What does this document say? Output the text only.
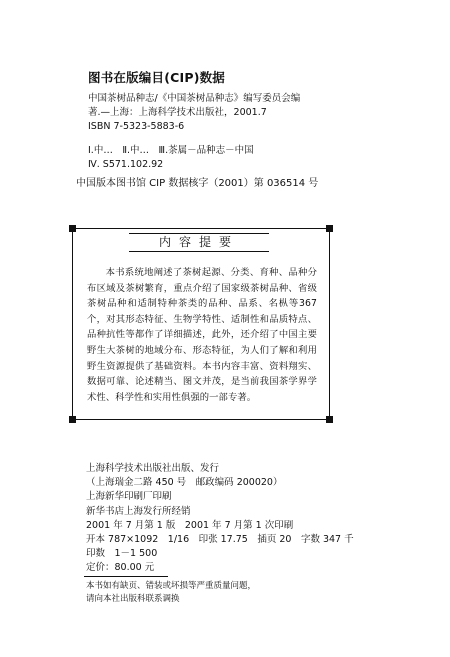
图书在版编目(CIP)数据
中国茶树品种志/《中国茶树品种志》编写委员会编
著.—上海：上海科学技术出版社，2001.7
ISBN 7-5323-5883-6
Ⅰ.中…　Ⅱ.中…　Ⅲ.茶属－品种志－中国
Ⅳ. S571.102.92
中国版本图书馆 CIP 数据核字（2001）第 036514 号
内容提要
本书系统地阐述了茶树起源、分类、育种、品种分布区域及茶树繁育，重点介绍了国家级茶树品种、省级茶树品种和适制特种茶类的品种、品系、名枞等367个，对其形态特征、生物学特性、适制性和品质特点、品种抗性等都作了详细描述，此外，还介绍了中国主要野生大茶树的地域分布、形态特征，为人们了解和利用野生资源提供了基础资料。本书内容丰富、资料翔实、数据可靠、论述精当、图文并茂，是当前我国茶学界学术性、科学性和实用性俱强的一部专著。
上海科学技术出版社出版、发行
（上海瑞金二路 450 号　邮政编码 200020）
上海新华印刷厂印刷
新华书店上海发行所经销
2001 年 7 月第 1 版　2001 年 7 月第 1 次印刷
开本 787×1092　1/16　印张 17.75　插页 20　字数 347 千
印数　1－1 500
定价：80.00 元
本书如有缺页、错装或坏损等严重质量问题，
请向本社出版科联系调换
